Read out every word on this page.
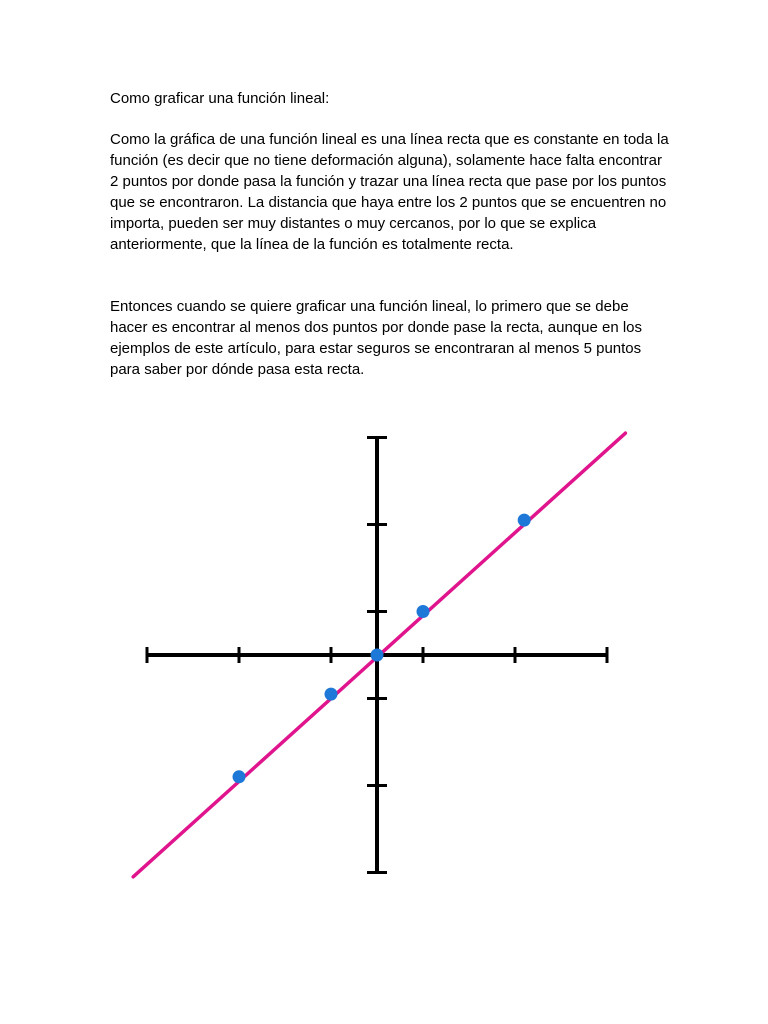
Como graficar una función lineal:

Como la gráfica de una función lineal es una línea recta que es constante en toda la función (es decir que no tiene deformación alguna), solamente hace falta encontrar 2 puntos por donde pasa la función y trazar una línea recta que pase por los puntos que se encontraron. La distancia que haya entre los 2 puntos que se encuentren no importa, pueden ser muy distantes o muy cercanos, por lo que se explica anteriormente, que la línea de la función es totalmente recta.

Entonces cuando se quiere graficar una función lineal, lo primero que se debe hacer es encontrar al menos dos puntos por donde pase la recta, aunque en los ejemplos de este artículo, para estar seguros se encontraran al menos 5 puntos para saber por dónde pasa esta recta.
